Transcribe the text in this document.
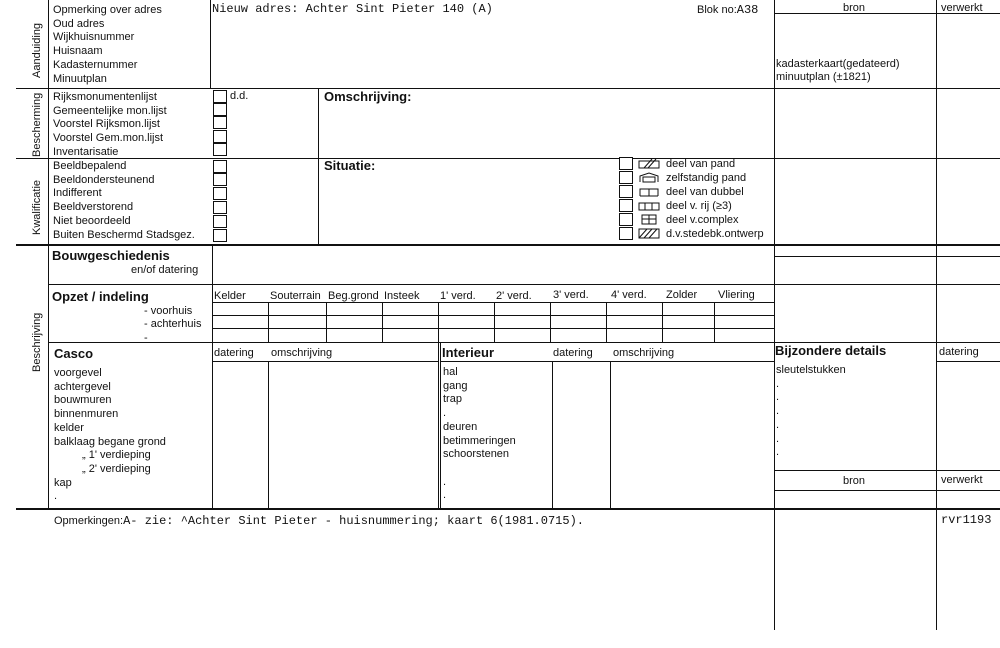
Aanduiding
Bescherming
Kwalificatie
Beschrijving
Opmerking over adres
Oud adres
Wijkhuisnummer
Huisnaam
Kadasternummer
Minuutplan
Nieuw adres: Achter Sint Pieter 140 (A)	Blok no:A38	bron	verwerkt
kadasterkaart(gedateerd)
minuutplan (±1821)
Rijksmonumentenlijst
Gemeentelijke mon.lijst
Voorstel Rijksmon.lijst
Voorstel Gem.mon.lijst
Inventarisatie
d.d.	Omschrijving:
Beeldbepalend
Beeldondersteunend
Indifferent
Beeldverstorend
Niet beoordeeld
Buiten Beschermd Stadsgez.
Situatie:	deel van pand
zelfstandig pand
deel van dubbel
deel v. rij (≥3)
deel v.complex
d.v.stedebk.ontwerp
Bouwgeschiedenis
en/of datering
Opzet / indeling
- voorhuis
- achterhuis
-
Kelder Souterrain Beg.grond Insteek 1' verd. 2' verd. 3' verd. 4' verd. Zolder Vliering
Casco	datering omschrijving
voorgevel
achtergevel
bouwmuren
binnenmuren
kelder
balklaag begane grond
„ 1' verdieping
„ 2' verdieping
kap
.
Interieur	datering omschrijving
hal
gang
trap
.
deuren
betimmeringen
schoorstenen
.
.
Bijzondere details	datering
sleutelstukken
.
.
.
.
.
.
bron	verwerkt
Opmerkingen:A- zie: ^Achter Sint Pieter - huisnummering; kaart 6(1981.0715).	rvr1193
